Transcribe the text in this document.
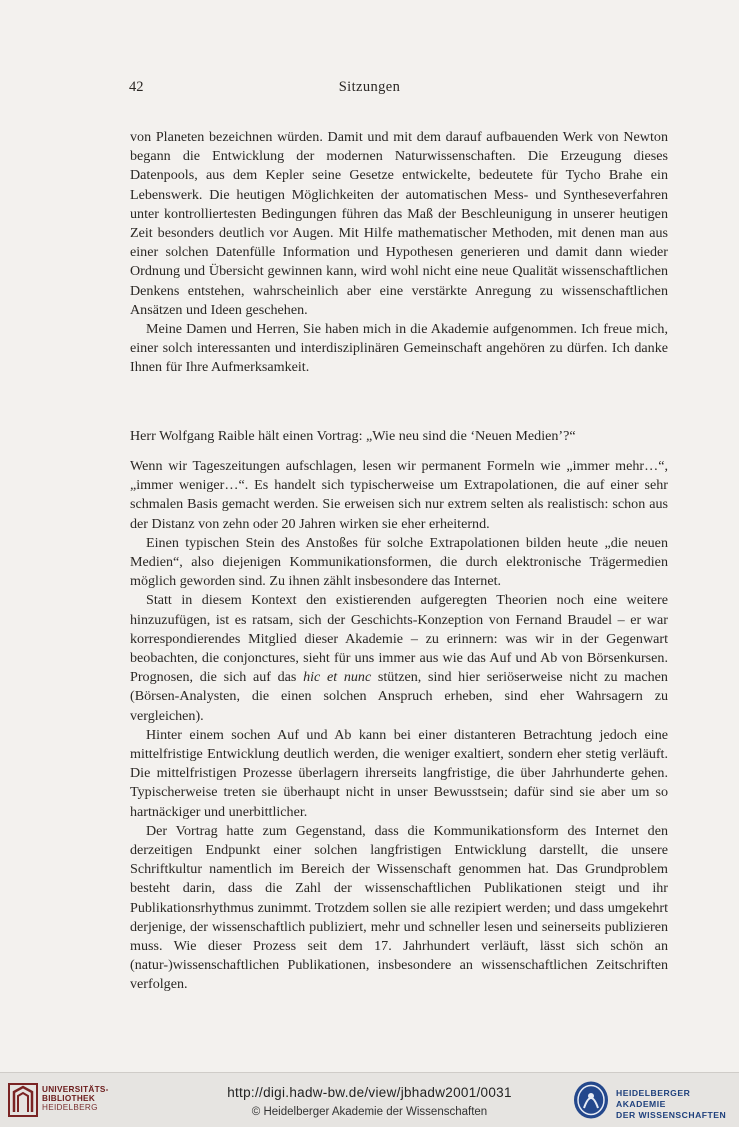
42	Sitzungen

von Planeten bezeichnen würden. Damit und mit dem darauf aufbauenden Werk von Newton begann die Entwicklung der modernen Naturwissenschaften. Die Erzeugung dieses Datenpools, aus dem Kepler seine Gesetze entwickelte, bedeutete für Tycho Brahe ein Lebenswerk. Die heutigen Möglichkeiten der automatischen Mess- und Syntheseverfahren unter kontrolliertesten Bedingungen führen das Maß der Beschleunigung in unserer heutigen Zeit besonders deutlich vor Augen. Mit Hilfe mathematischer Methoden, mit denen man aus einer solchen Datenfülle Information und Hypothesen generieren und damit dann wieder Ordnung und Übersicht gewinnen kann, wird wohl nicht eine neue Qualität wissenschaftlichen Denkens entstehen, wahrscheinlich aber eine verstärkte Anregung zu wissenschaftlichen Ansätzen und Ideen geschehen.

Meine Damen und Herren, Sie haben mich in die Akademie aufgenommen. Ich freue mich, einer solch interessanten und interdisziplinären Gemeinschaft angehören zu dürfen. Ich danke Ihnen für Ihre Aufmerksamkeit.

Herr Wolfgang Raible hält einen Vortrag: „Wie neu sind die ‘Neuen Medien’?“

Wenn wir Tageszeitungen aufschlagen, lesen wir permanent Formeln wie „immer mehr…“, „immer weniger…“. Es handelt sich typischerweise um Extrapolationen, die auf einer sehr schmalen Basis gemacht werden. Sie erweisen sich nur extrem selten als realistisch: schon aus der Distanz von zehn oder 20 Jahren wirken sie eher erheiternd.

Einen typischen Stein des Anstoßes für solche Extrapolationen bilden heute „die neuen Medien“, also diejenigen Kommunikationsformen, die durch elektronische Trägermedien möglich geworden sind. Zu ihnen zählt insbesondere das Internet.

Statt in diesem Kontext den existierenden aufgeregten Theorien noch eine weitere hinzuzufügen, ist es ratsam, sich der Geschichts-Konzeption von Fernand Braudel – er war korrespondierendes Mitglied dieser Akademie – zu erinnern: was wir in der Gegenwart beobachten, die conjonctures, sieht für uns immer aus wie das Auf und Ab von Börsenkursen. Prognosen, die sich auf das hic et nunc stützen, sind hier seriöserweise nicht zu machen (Börsen-Analysten, die einen solchen Anspruch erheben, sind eher Wahrsagern zu vergleichen).

Hinter einem sochen Auf und Ab kann bei einer distanteren Betrachtung jedoch eine mittelfristige Entwicklung deutlich werden, die weniger exaltiert, sondern eher stetig verläuft. Die mittelfristigen Prozesse überlagern ihrerseits langfristige, die über Jahrhunderte gehen. Typischerweise treten sie überhaupt nicht in unser Bewusstsein; dafür sind sie aber um so hartnäckiger und unerbittlicher.

Der Vortrag hatte zum Gegenstand, dass die Kommunikationsform des Internet den derzeitigen Endpunkt einer solchen langfristigen Entwicklung darstellt, die unsere Schriftkultur namentlich im Bereich der Wissenschaft genommen hat. Das Grundproblem besteht darin, dass die Zahl der wissenschaftlichen Publikationen steigt und ihr Publikationsrhythmus zunimmt. Trotzdem sollen sie alle rezipiert werden; und dass umgekehrt derjenige, der wissenschaftlich publiziert, mehr und schneller lesen und seinerseits publizieren muss. Wie dieser Prozess seit dem 17. Jahrhundert verläuft, lässt sich schön an (natur-)wissenschaftlichen Publikationen, insbesondere an wissenschaftlichen Zeitschriften verfolgen.

UNIVERSITÄTS-
BIBLIOTHEK
HEIDELBERG
http://digi.hadw-bw.de/view/jbhadw2001/0031
© Heidelberger Akademie der Wissenschaften
HEIDELBERGER AKADEMIE
DER WISSENSCHAFTEN
